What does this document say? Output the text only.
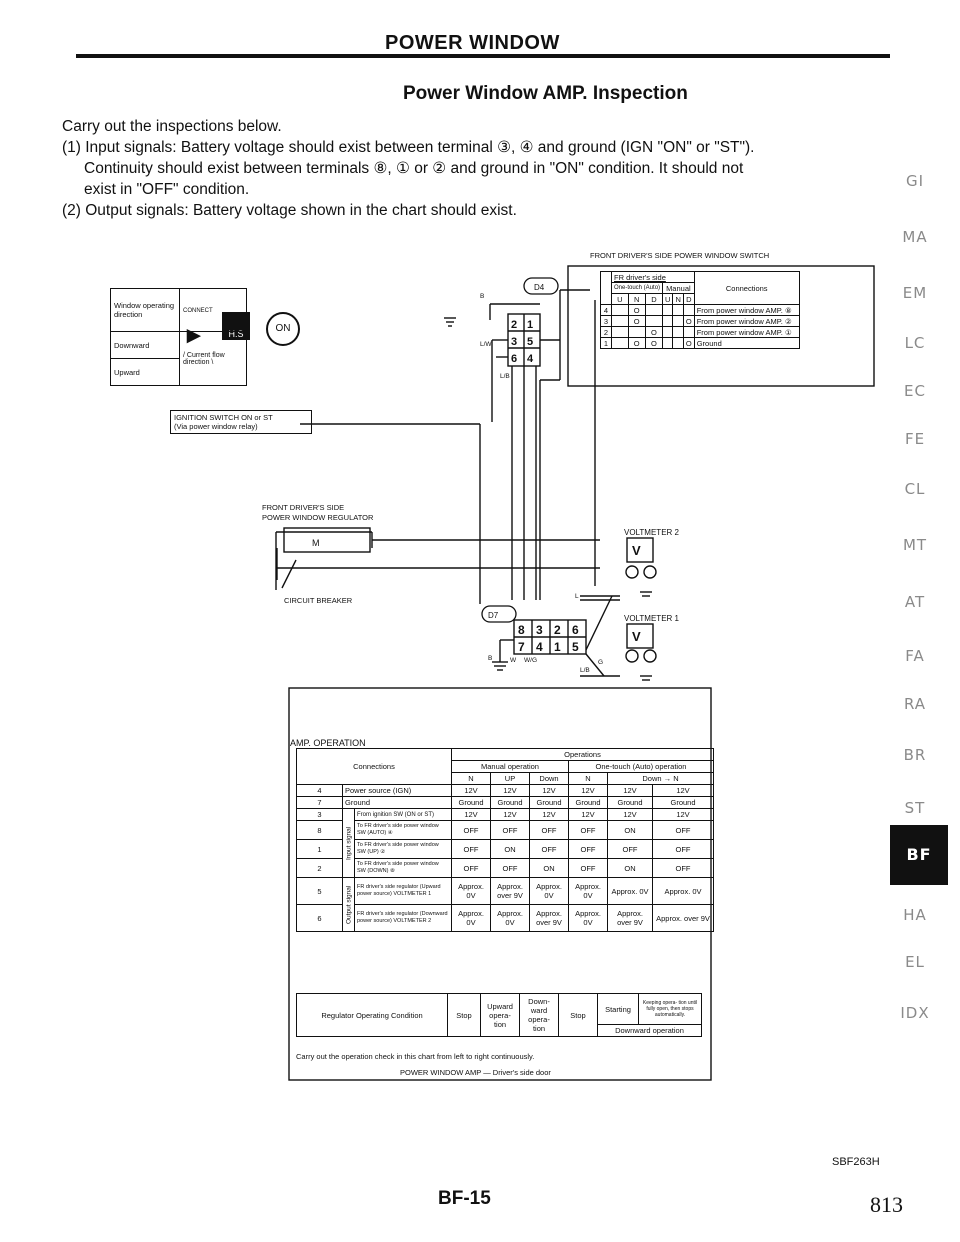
POWER WINDOW
Power Window AMP. Inspection
Carry out the inspections below.
(1) Input signals: Battery voltage should exist between terminal ③, ④ and ground (IGN "ON" or "ST").
Continuity should exist between terminals ⑧, ① or ② and ground in "ON" condition. It should not
exist in "OFF" condition.
(2) Output signals: Battery voltage shown in the chart should exist.
GI
MA
EM
LC
EC
FE
CL
MT
AT
FA
RA
BR
ST
BF
HA
EL
IDX
CONNECT
D4
D7
2 1
3 5
6 4
8 3 2 6
7 4 1 5
B
L/W
L/B
B	W W/G
L
G
L/B
VOLTMETER 2
VOLTMETER 1
V
V
FRONT DRIVER'S SIDE
POWER WINDOW REGULATOR
CIRCUIT BREAKER
M
►	H.S	ON
IGNITION SWITCH ON or ST
(Via power window relay)
Window operating direction	
Downward	/ Current flow direction \
Upward	
FRONT DRIVER'S SIDE POWER WINDOW SWITCH
	FR driver's side						Connections
	One-touch (Auto)			Manual			
	U	N	D	U	N	D	
4		O					From power window AMP. ⑧
3		O				O	From power window AMP. ②
2			O				From power window AMP. ①
1		O	O			O	Ground
AMP. OPERATION
Connections			Operations					
			Manual operation			One-touch (Auto) operation		
			N	UP	Down	N	Down → N	
4	Power source (IGN)		12V	12V	12V	12V	12V	12V
7	Ground		Ground	Ground	Ground	Ground	Ground	Ground
3	Input signal	From ignition SW (ON or ST)	12V	12V	12V	12V	12V	12V
8		To FR driver's side power window SW (AUTO) ④	OFF	OFF	OFF	OFF	ON	OFF
1		To FR driver's side power window SW (UP) ②	OFF	ON	OFF	OFF	OFF	OFF
2		To FR driver's side power window SW (DOWN) ⑧	OFF	OFF	ON	OFF	ON	OFF
5	Output signal	FR driver's side regulator (Upward power source) VOLTMETER 1	Approx. 0V	Approx. over 9V	Approx. 0V	Approx. 0V	Approx. 0V	Approx. 0V
6		FR driver's side regulator (Downward power source) VOLTMETER 2	Approx. 0V	Approx. 0V	Approx. over 9V	Approx. 0V	Approx. over 9V	Approx. over 9V
Regulator Operating Condition	Stop	Upward opera- tion	Down- ward opera- tion	Stop	Starting	Keeping opera- tion until fully open, then stops automatically.
Downward operation
Carry out the operation check in this chart from left to right continuously.
POWER WINDOW AMP — Driver's side door
SBF263H
BF-15	813
